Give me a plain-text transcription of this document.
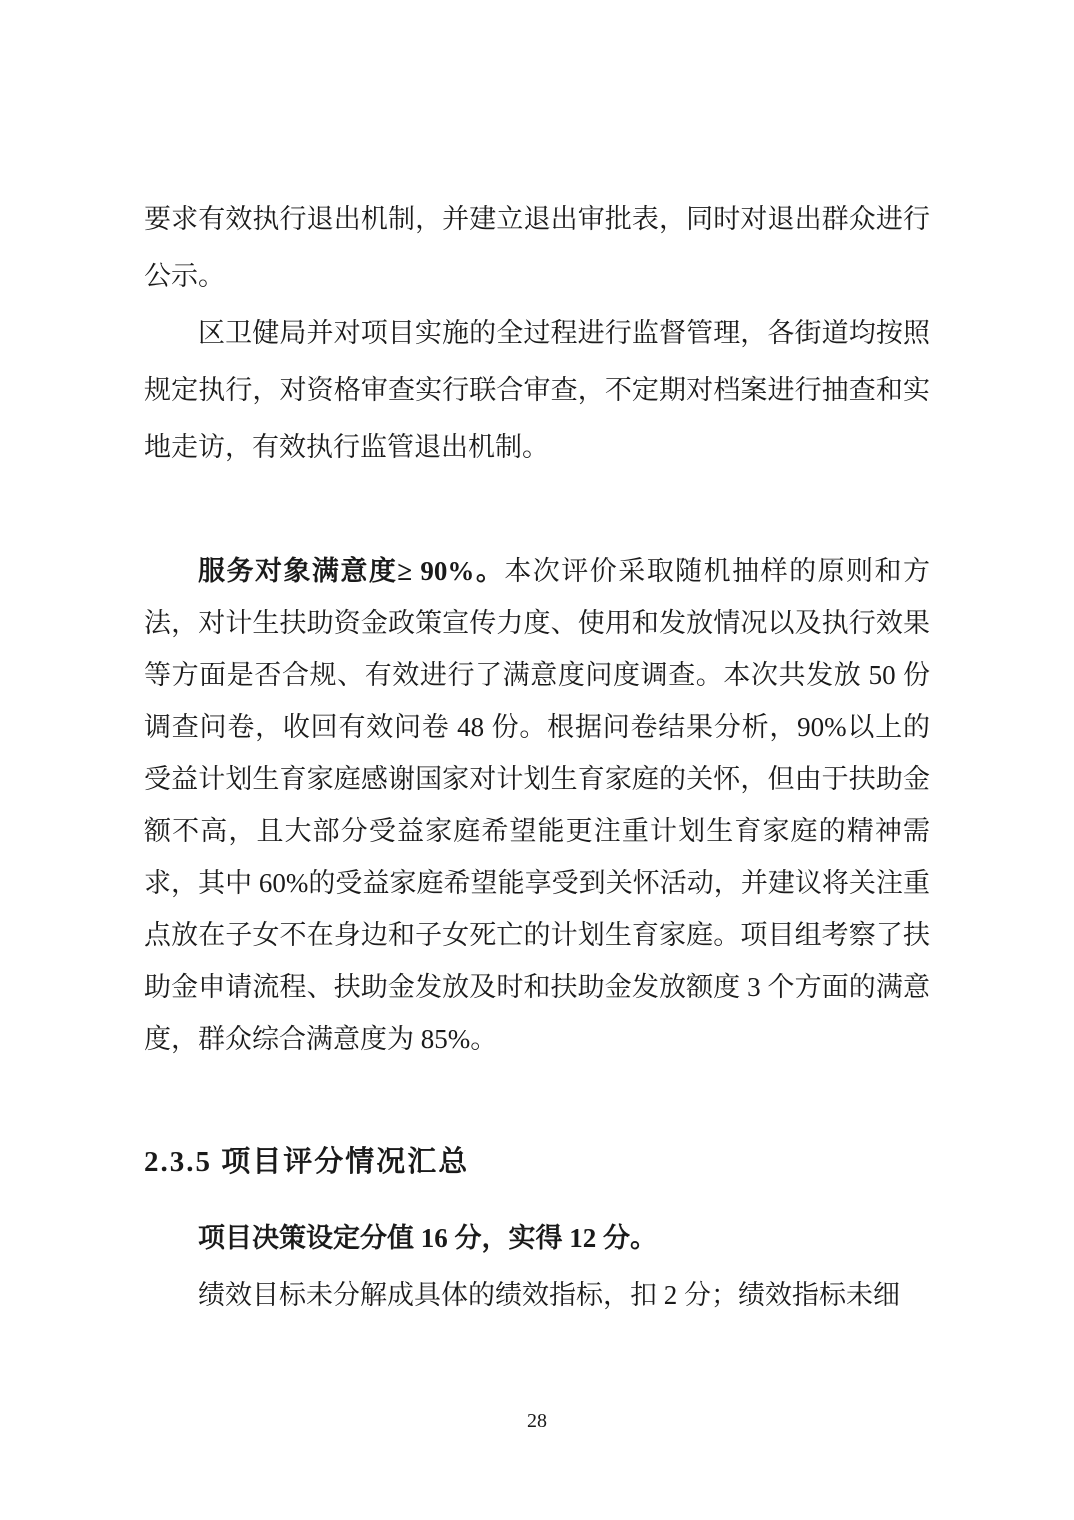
要求有效执行退出机制，并建立退出审批表，同时对退出群众进行公示。

区卫健局并对项目实施的全过程进行监督管理，各街道均按照规定执行，对资格审查实行联合审查，不定期对档案进行抽查和实地走访，有效执行监管退出机制。

服务对象满意度≥ 90%。本次评价采取随机抽样的原则和方法，对计生扶助资金政策宣传力度、使用和发放情况以及执行效果等方面是否合规、有效进行了满意度问度调查。本次共发放 50 份调查问卷，收回有效问卷 48 份。根据问卷结果分析，90%以上的受益计划生育家庭感谢国家对计划生育家庭的关怀，但由于扶助金额不高，且大部分受益家庭希望能更注重计划生育家庭的精神需求，其中 60%的受益家庭希望能享受到关怀活动，并建议将关注重点放在子女不在身边和子女死亡的计划生育家庭。项目组考察了扶助金申请流程、扶助金发放及时和扶助金发放额度 3 个方面的满意度，群众综合满意度为 85%。

2.3.5 项目评分情况汇总

项目决策设定分值 16 分，实得 12 分。

绩效目标未分解成具体的绩效指标，扣 2 分；绩效指标未细

28
